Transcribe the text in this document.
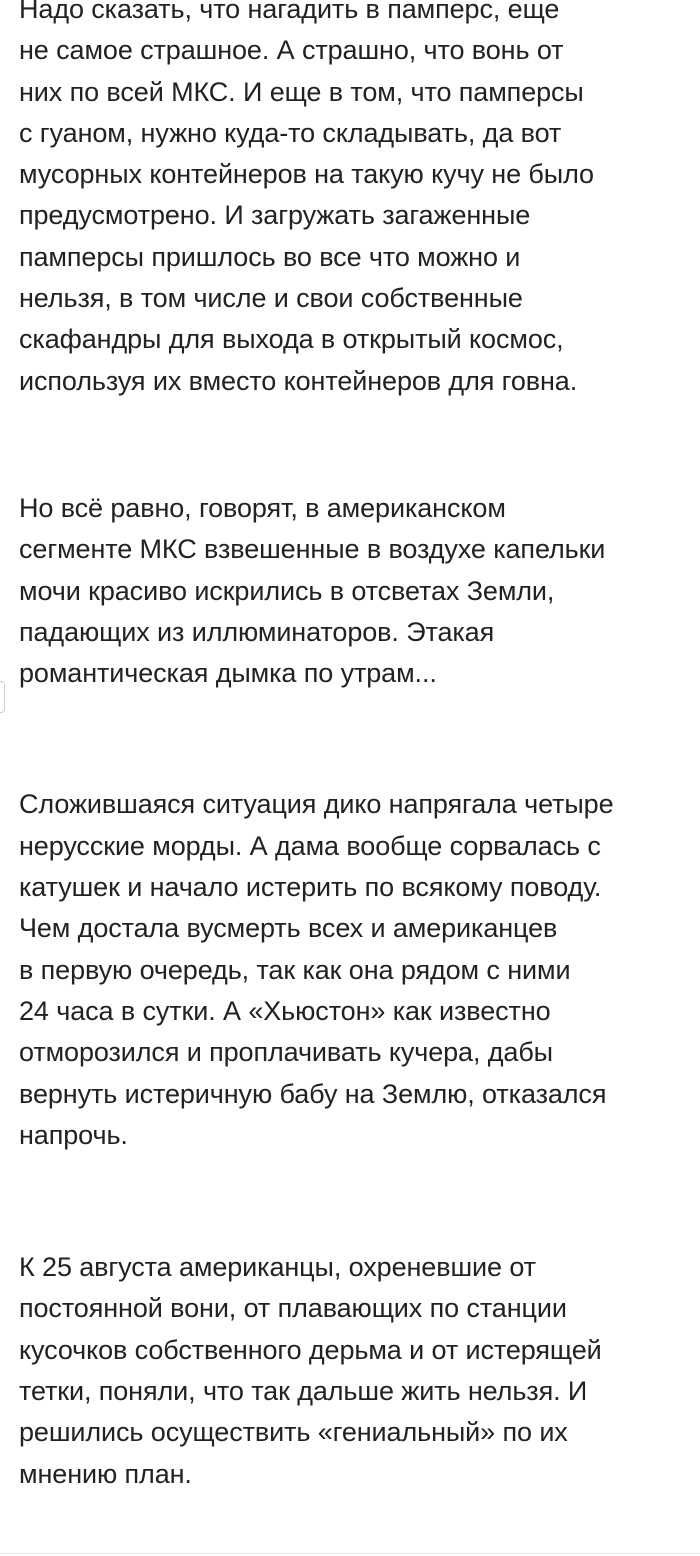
Надо сказать, что нагадить в памперс, еще
не самое страшное. А страшно, что вонь от
них по всей МКС. И еще в том, что памперсы
с гуаном, нужно куда-то складывать, да вот
мусорных контейнеров на такую кучу не было
предусмотрено. И загружать загаженные
памперсы пришлось во все что можно и
нельзя, в том числе и свои собственные
скафандры для выхода в открытый космос,
используя их вместо контейнеров для говна.

Но всё равно, говорят, в американском
сегменте МКС взвешенные в воздухе капельки
мочи красиво искрились в отсветах Земли,
падающих из иллюминаторов. Этакая
романтическая дымка по утрам...

Сложившаяся ситуация дико напрягала четыре
нерусские морды. А дама вообще сорвалась с
катушек и начало истерить по всякому поводу.
Чем достала вусмерть всех и американцев
в первую очередь, так как она рядом с ними
24 часа в сутки. А «Хьюстон» как известно
отморозился и проплачивать кучера, дабы
вернуть истеричную бабу на Землю, отказался
напрочь.

К 25 августа американцы, охреневшие от
постоянной вони, от плавающих по станции
кусочков собственного дерьма и от истерящей
тетки, поняли, что так дальше жить нельзя. И
решились осуществить «гениальный» по их
мнению план.
